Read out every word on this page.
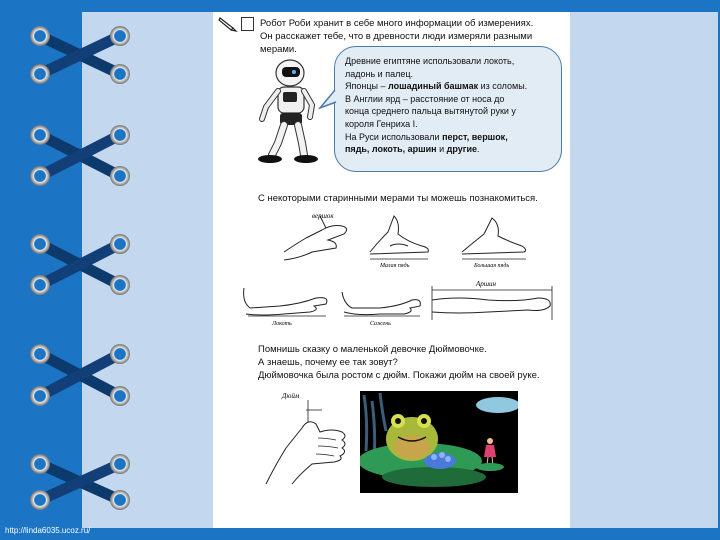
http://linda6035.ucoz.ru/
Робот Роби хранит в себе много информации об измерениях.
Он расскажет тебе, что в древности люди измеряли разными
мерами.
Древние египтяне использовали локоть,
ладонь и палец.
Японцы – лошадиный башмак из соломы.
В Англии ярд – расстояние от носа до
конца среднего пальца вытянутой руки у
короля Генриха I.
На Руси использовали перст, вершок,
пядь, локоть, аршин и другие.
С некоторыми старинными мерами ты можешь познакомиться.
вершок
Малая пядь	Большая пядь
Локоть	Сажень
Аршин
Помнишь сказку о маленькой девочке Дюймовочке.
А знаешь, почему ее так зовут?
Дюймовочка была ростом с дюйм. Покажи дюйм на своей руке.
Дюйм
